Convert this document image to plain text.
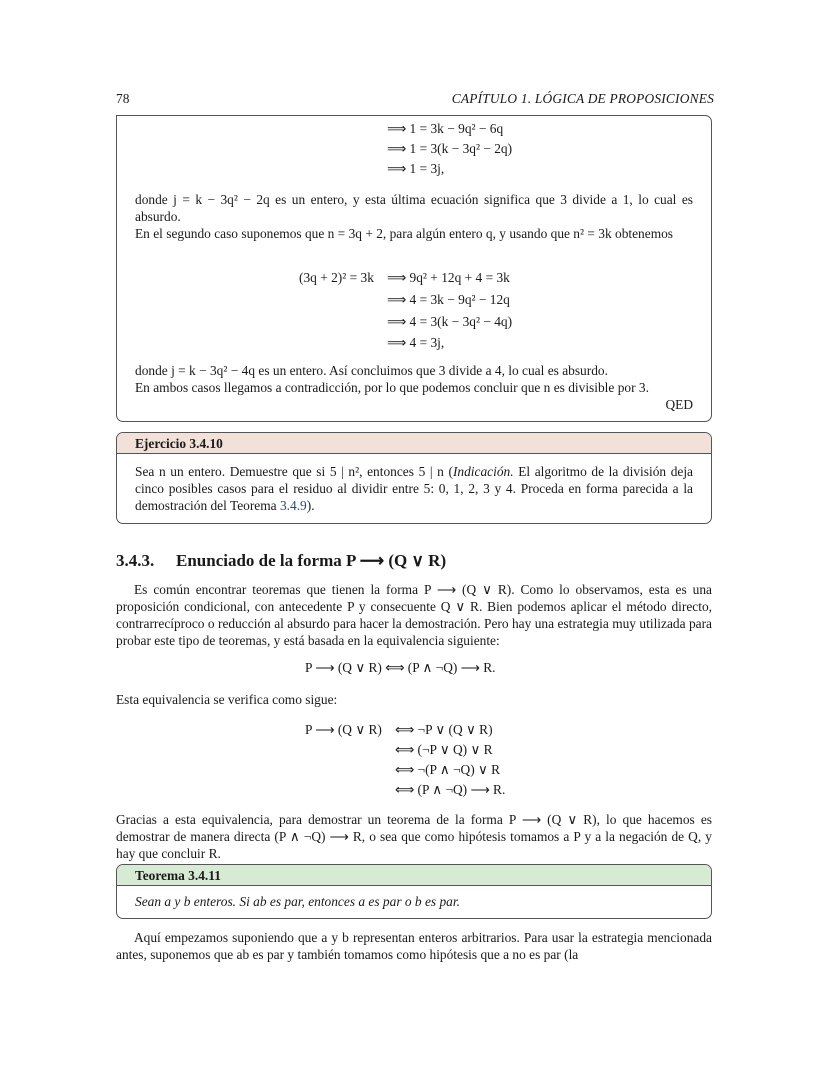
78	CAPÍTULO 1. LÓGICA DE PROPOSICIONES
⟹ 1 = 3k − 9q² − 6q
⟹ 1 = 3(k − 3q² − 2q)
⟹ 1 = 3j,
donde j = k − 3q² − 2q es un entero, y esta última ecuación significa que 3 divide a 1, lo cual es absurdo.
En el segundo caso suponemos que n = 3q + 2, para algún entero q, y usando que n² = 3k obtenemos
(3q + 2)² = 3k ⟹ 9q² + 12q + 4 = 3k
⟹ 4 = 3k − 9q² − 12q
⟹ 4 = 3(k − 3q² − 4q)
⟹ 4 = 3j,
donde j = k − 3q² − 4q es un entero. Así concluimos que 3 divide a 4, lo cual es absurdo.
En ambos casos llegamos a contradicción, por lo que podemos concluir que n es divisible por 3.
QED
Ejercicio 3.4.10
Sea n un entero. Demuestre que si 5 | n², entonces 5 | n (Indicación. El algoritmo de la división deja cinco posibles casos para el residuo al dividir entre 5: 0, 1, 2, 3 y 4. Proceda en forma parecida a la demostración del Teorema 3.4.9).
3.4.3. Enunciado de la forma P ⟶ (Q ∨ R)
Es común encontrar teoremas que tienen la forma P ⟶ (Q ∨ R). Como lo observamos, esta es una proposición condicional, con antecedente P y consecuente Q ∨ R. Bien podemos aplicar el método directo, contrarrecíproco o reducción al absurdo para hacer la demostración. Pero hay una estrategia muy utilizada para probar este tipo de teoremas, y está basada en la equivalencia siguiente:
P ⟶ (Q ∨ R) ⟺ (P ∧ ¬Q) ⟶ R.
Esta equivalencia se verifica como sigue:
P ⟶ (Q ∨ R) ⟺ ¬P ∨ (Q ∨ R)
⟺ (¬P ∨ Q) ∨ R
⟺ ¬(P ∧ ¬Q) ∨ R
⟺ (P ∧ ¬Q) ⟶ R.
Gracias a esta equivalencia, para demostrar un teorema de la forma P ⟶ (Q ∨ R), lo que hacemos es demostrar de manera directa (P ∧ ¬Q) ⟶ R, o sea que como hipótesis tomamos a P y a la negación de Q, y hay que concluir R.
Teorema 3.4.11
Sean a y b enteros. Si ab es par, entonces a es par o b es par.
Aquí empezamos suponiendo que a y b representan enteros arbitrarios. Para usar la estrategia mencionada antes, suponemos que ab es par y también tomamos como hipótesis que a no es par (la
